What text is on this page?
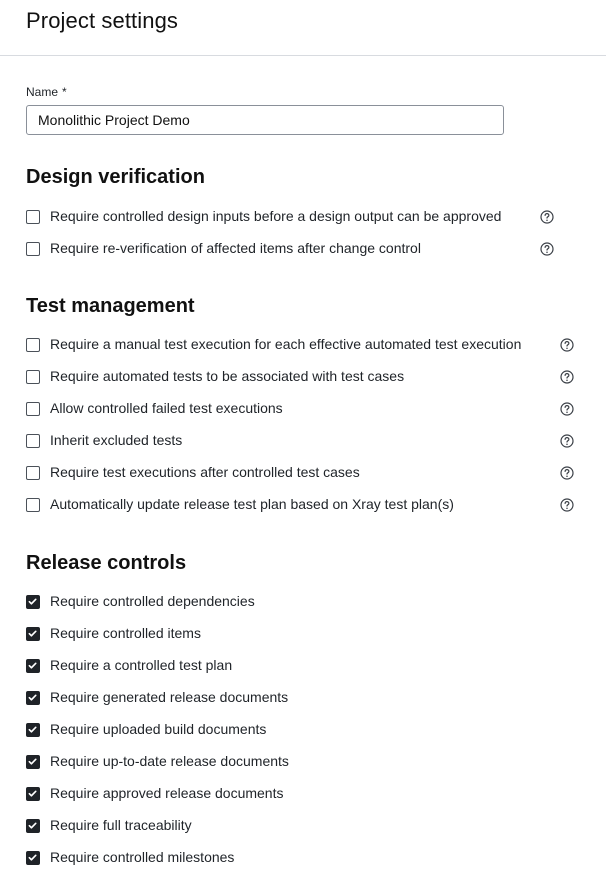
Project settings
Name *
Monolithic Project Demo
Design verification
Test management
Release controls
Require controlled design inputs before a design output can be approved
Require re-verification of affected items after change control
Require a manual test execution for each effective automated test execution
Require automated tests to be associated with test cases
Allow controlled failed test executions
Inherit excluded tests
Require test executions after controlled test cases
Automatically update release test plan based on Xray test plan(s)
Require controlled dependencies
Require controlled items
Require a controlled test plan
Require generated release documents
Require uploaded build documents
Require up-to-date release documents
Require approved release documents
Require full traceability
Require controlled milestones
